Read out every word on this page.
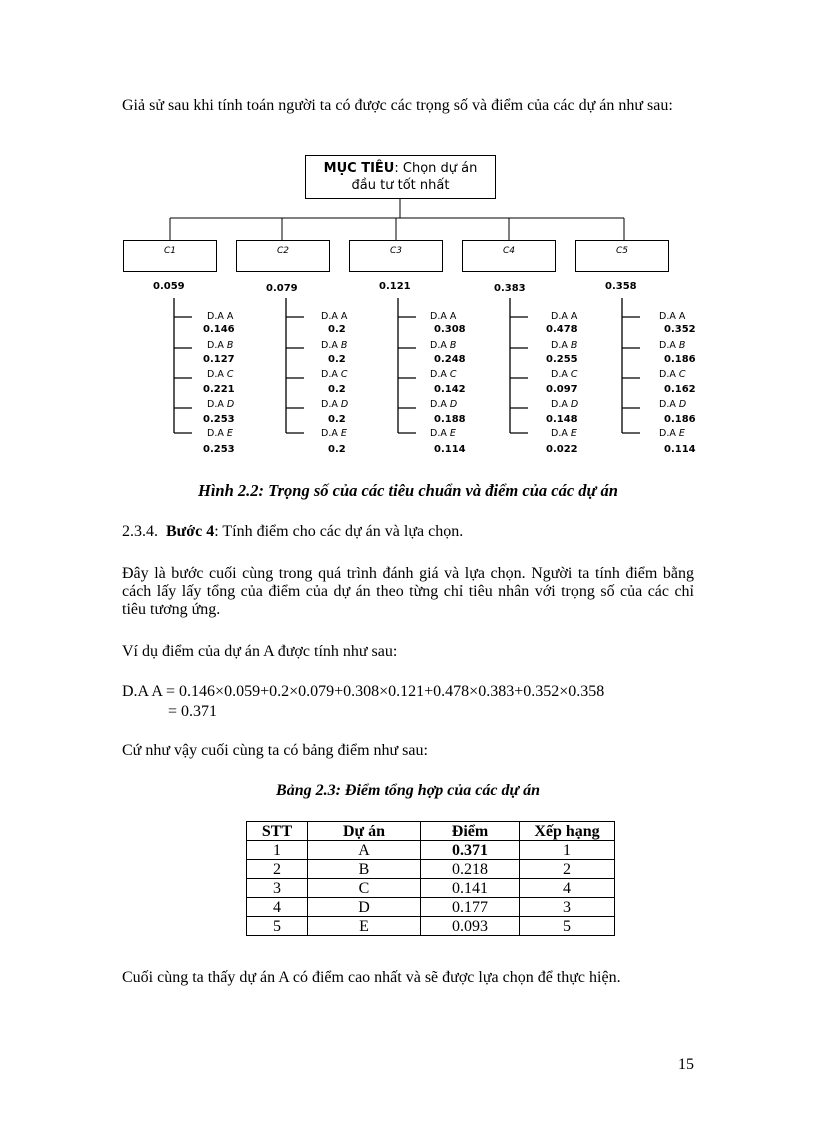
Giả sử sau khi tính toán người ta có được các trọng số và điểm của các dự án như sau:

MỤC TIÊU: Chọn dự án
đầu tư tốt nhất
C1
0.059
D.A A
0.146
D.A B
0.127
D.A C
0.221
D.A D
0.253
D.A E
0.253
C2
0.079
D.A A
0.2
D.A B
0.2
D.A C
0.2
D.A D
0.2
D.A E
0.2
C3
0.121
D.A A
0.308
D.A B
0.248
D.A C
0.142
D.A D
0.188
D.A E
0.114
C4
0.383
D.A A
0.478
D.A B
0.255
D.A C
0.097
D.A D
0.148
D.A E
0.022
C5
0.358
D.A A
0.352
D.A B
0.186
D.A C
0.162
D.A D
0.186
D.A E
0.114
Hình 2.2: Trọng số của các tiêu chuẩn và điểm của các dự án
2.3.4. Bước 4: Tính điểm cho các dự án và lựa chọn.

Đây là bước cuối cùng trong quá trình đánh giá và lựa chọn. Người ta tính điểm bằng cách lấy lấy tổng của điểm của dự án theo từng chỉ tiêu nhân với trọng số của các chỉ tiêu tương ứng.

Ví dụ điểm của dự án A được tính như sau:

D.A A = 0.146×0.059+0.2×0.079+0.308×0.121+0.478×0.383+0.352×0.358
= 0.371

Cứ như vậy cuối cùng ta có bảng điểm như sau:

Bảng 2.3: Điểm tổng hợp của các dự án
STT	Dự án	Điểm	Xếp hạng
1	A	0.371	1
2	B	0.218	2
3	C	0.141	4
4	D	0.177	3
5	E	0.093	5

Cuối cùng ta thấy dự án A có điểm cao nhất và sẽ được lựa chọn để thực hiện.

15
